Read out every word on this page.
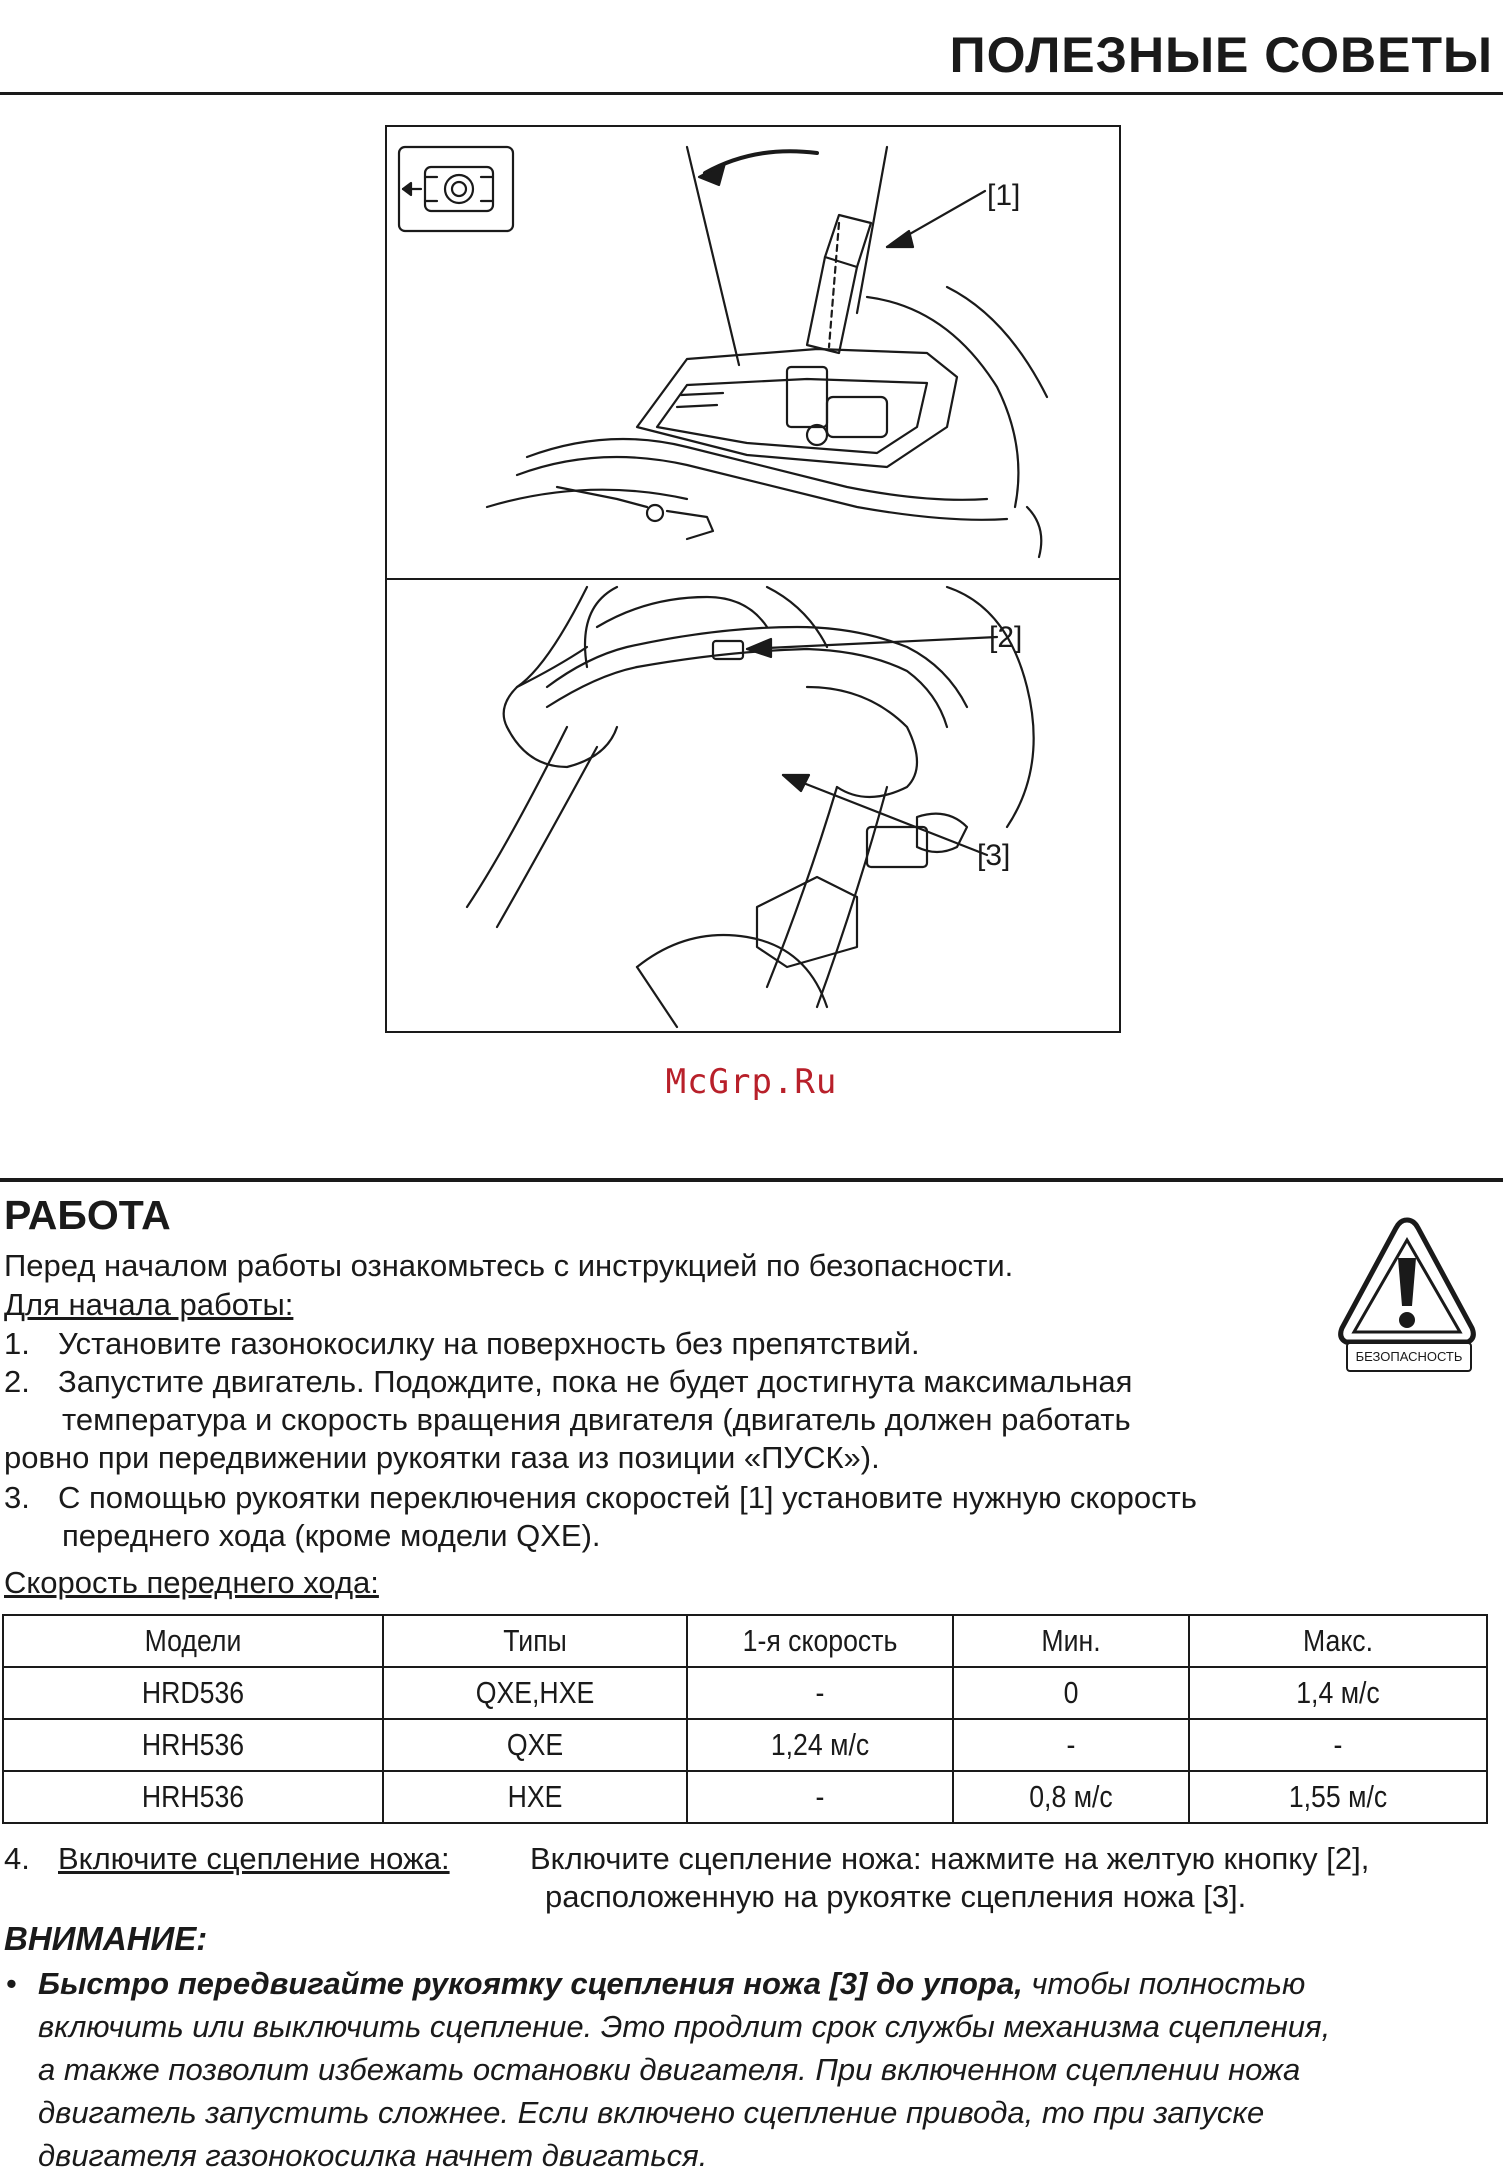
ПОЛЕЗНЫЕ СОВЕТЫ
[1]
[2]
[3]
McGrp.Ru
РАБОТА
Перед началом работы ознакомьтесь с инструкцией по безопасности.
Для начала работы:
1. Установите газонокосилку на поверхность без препятствий.
2. Запустите двигатель. Подождите, пока не будет достигнута максимальная
температура и скорость вращения двигателя (двигатель должен работать
ровно при передвижении рукоятки газа из позиции «ПУСК»).
3. С помощью рукоятки переключения скоростей [1] установите нужную скорость
переднего хода (кроме модели QXE).
Скорость переднего хода:
БЕЗОПАСНОСТЬ
Модели	Типы	1-я скорость	Мин.	Макс.
HRD536	QXE,HXE	-	0	1,4 м/с
HRH536	QXE	1,24 м/с	-	-
HRH536	HXE	-	0,8 м/с	1,55 м/с
4. Включите сцепление ножа:	Включите сцепление ножа: нажмите на желтую кнопку [2],
расположенную на рукоятке сцепления ножа [3].
ВНИМАНИЕ:
• Быстро передвигайте рукоятку сцепления ножа [3] до упора, чтобы полностью
включить или выключить сцепление. Это продлит срок службы механизма сцепления,
а также позволит избежать остановки двигателя. При включенном сцеплении ножа
двигатель запустить сложнее. Если включено сцепление привода, то при запуске
двигателя газонокосилка начнет двигаться.
